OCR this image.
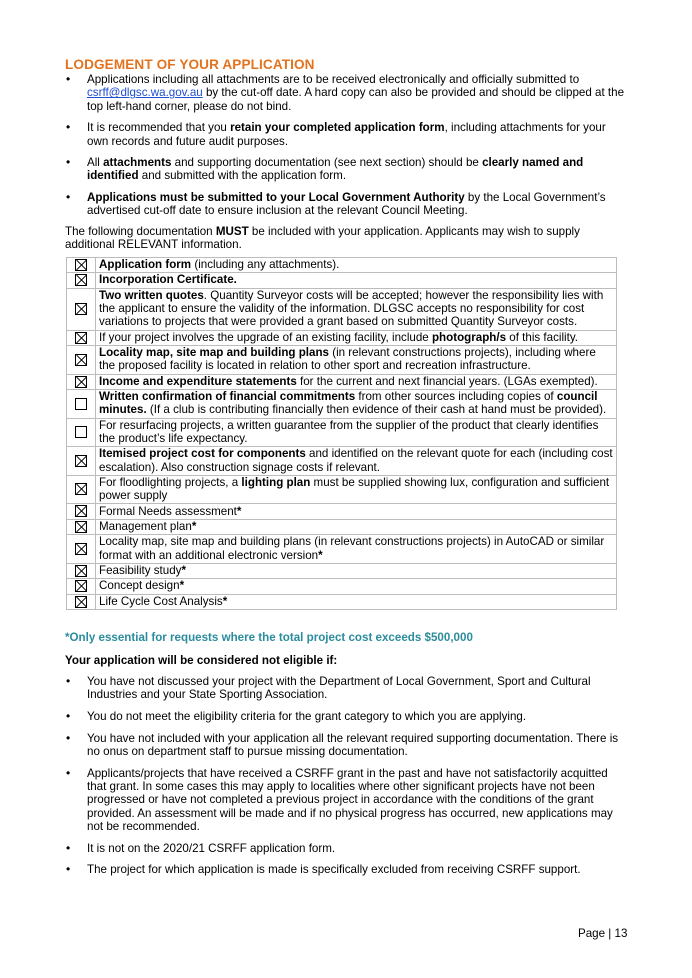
LODGEMENT OF YOUR APPLICATION
• Applications including all attachments are to be received electronically and officially submitted to csrff@dlgsc.wa.gov.au by the cut-off date. A hard copy can also be provided and should be clipped at the top left-hand corner, please do not bind.
• It is recommended that you retain your completed application form, including attachments for your own records and future audit purposes.
• All attachments and supporting documentation (see next section) should be clearly named and identified and submitted with the application form.
• Applications must be submitted to your Local Government Authority by the Local Government’s advertised cut-off date to ensure inclusion at the relevant Council Meeting.
The following documentation MUST be included with your application. Applicants may wish to supply additional RELEVANT information.
	Application form (including any attachments).
	Incorporation Certificate.
	Two written quotes. Quantity Surveyor costs will be accepted; however the responsibility lies with the applicant to ensure the validity of the information. DLGSC accepts no responsibility for cost variations to projects that were provided a grant based on submitted Quantity Surveyor costs.
	If your project involves the upgrade of an existing facility, include photograph/s of this facility.
	Locality map, site map and building plans (in relevant constructions projects), including where the proposed facility is located in relation to other sport and recreation infrastructure.
	Income and expenditure statements for the current and next financial years. (LGAs exempted).
	Written confirmation of financial commitments from other sources including copies of council minutes. (If a club is contributing financially then evidence of their cash at hand must be provided).
	For resurfacing projects, a written guarantee from the supplier of the product that clearly identifies the product’s life expectancy.
	Itemised project cost for components and identified on the relevant quote for each (including cost escalation). Also construction signage costs if relevant.
	For floodlighting projects, a lighting plan must be supplied showing lux, configuration and sufficient power supply
	Formal Needs assessment*
	Management plan*
	Locality map, site map and building plans (in relevant constructions projects) in AutoCAD or similar format with an additional electronic version*
	Feasibility study*
	Concept design*
	Life Cycle Cost Analysis*
*Only essential for requests where the total project cost exceeds $500,000
Your application will be considered not eligible if:
• You have not discussed your project with the Department of Local Government, Sport and Cultural Industries and your State Sporting Association.
• You do not meet the eligibility criteria for the grant category to which you are applying.
• You have not included with your application all the relevant required supporting documentation. There is no onus on department staff to pursue missing documentation.
• Applicants/projects that have received a CSRFF grant in the past and have not satisfactorily acquitted that grant. In some cases this may apply to localities where other significant projects have not been progressed or have not completed a previous project in accordance with the conditions of the grant provided. An assessment will be made and if no physical progress has occurred, new applications may not be recommended.
• It is not on the 2020/21 CSRFF application form.
• The project for which application is made is specifically excluded from receiving CSRFF support.
Page | 13
